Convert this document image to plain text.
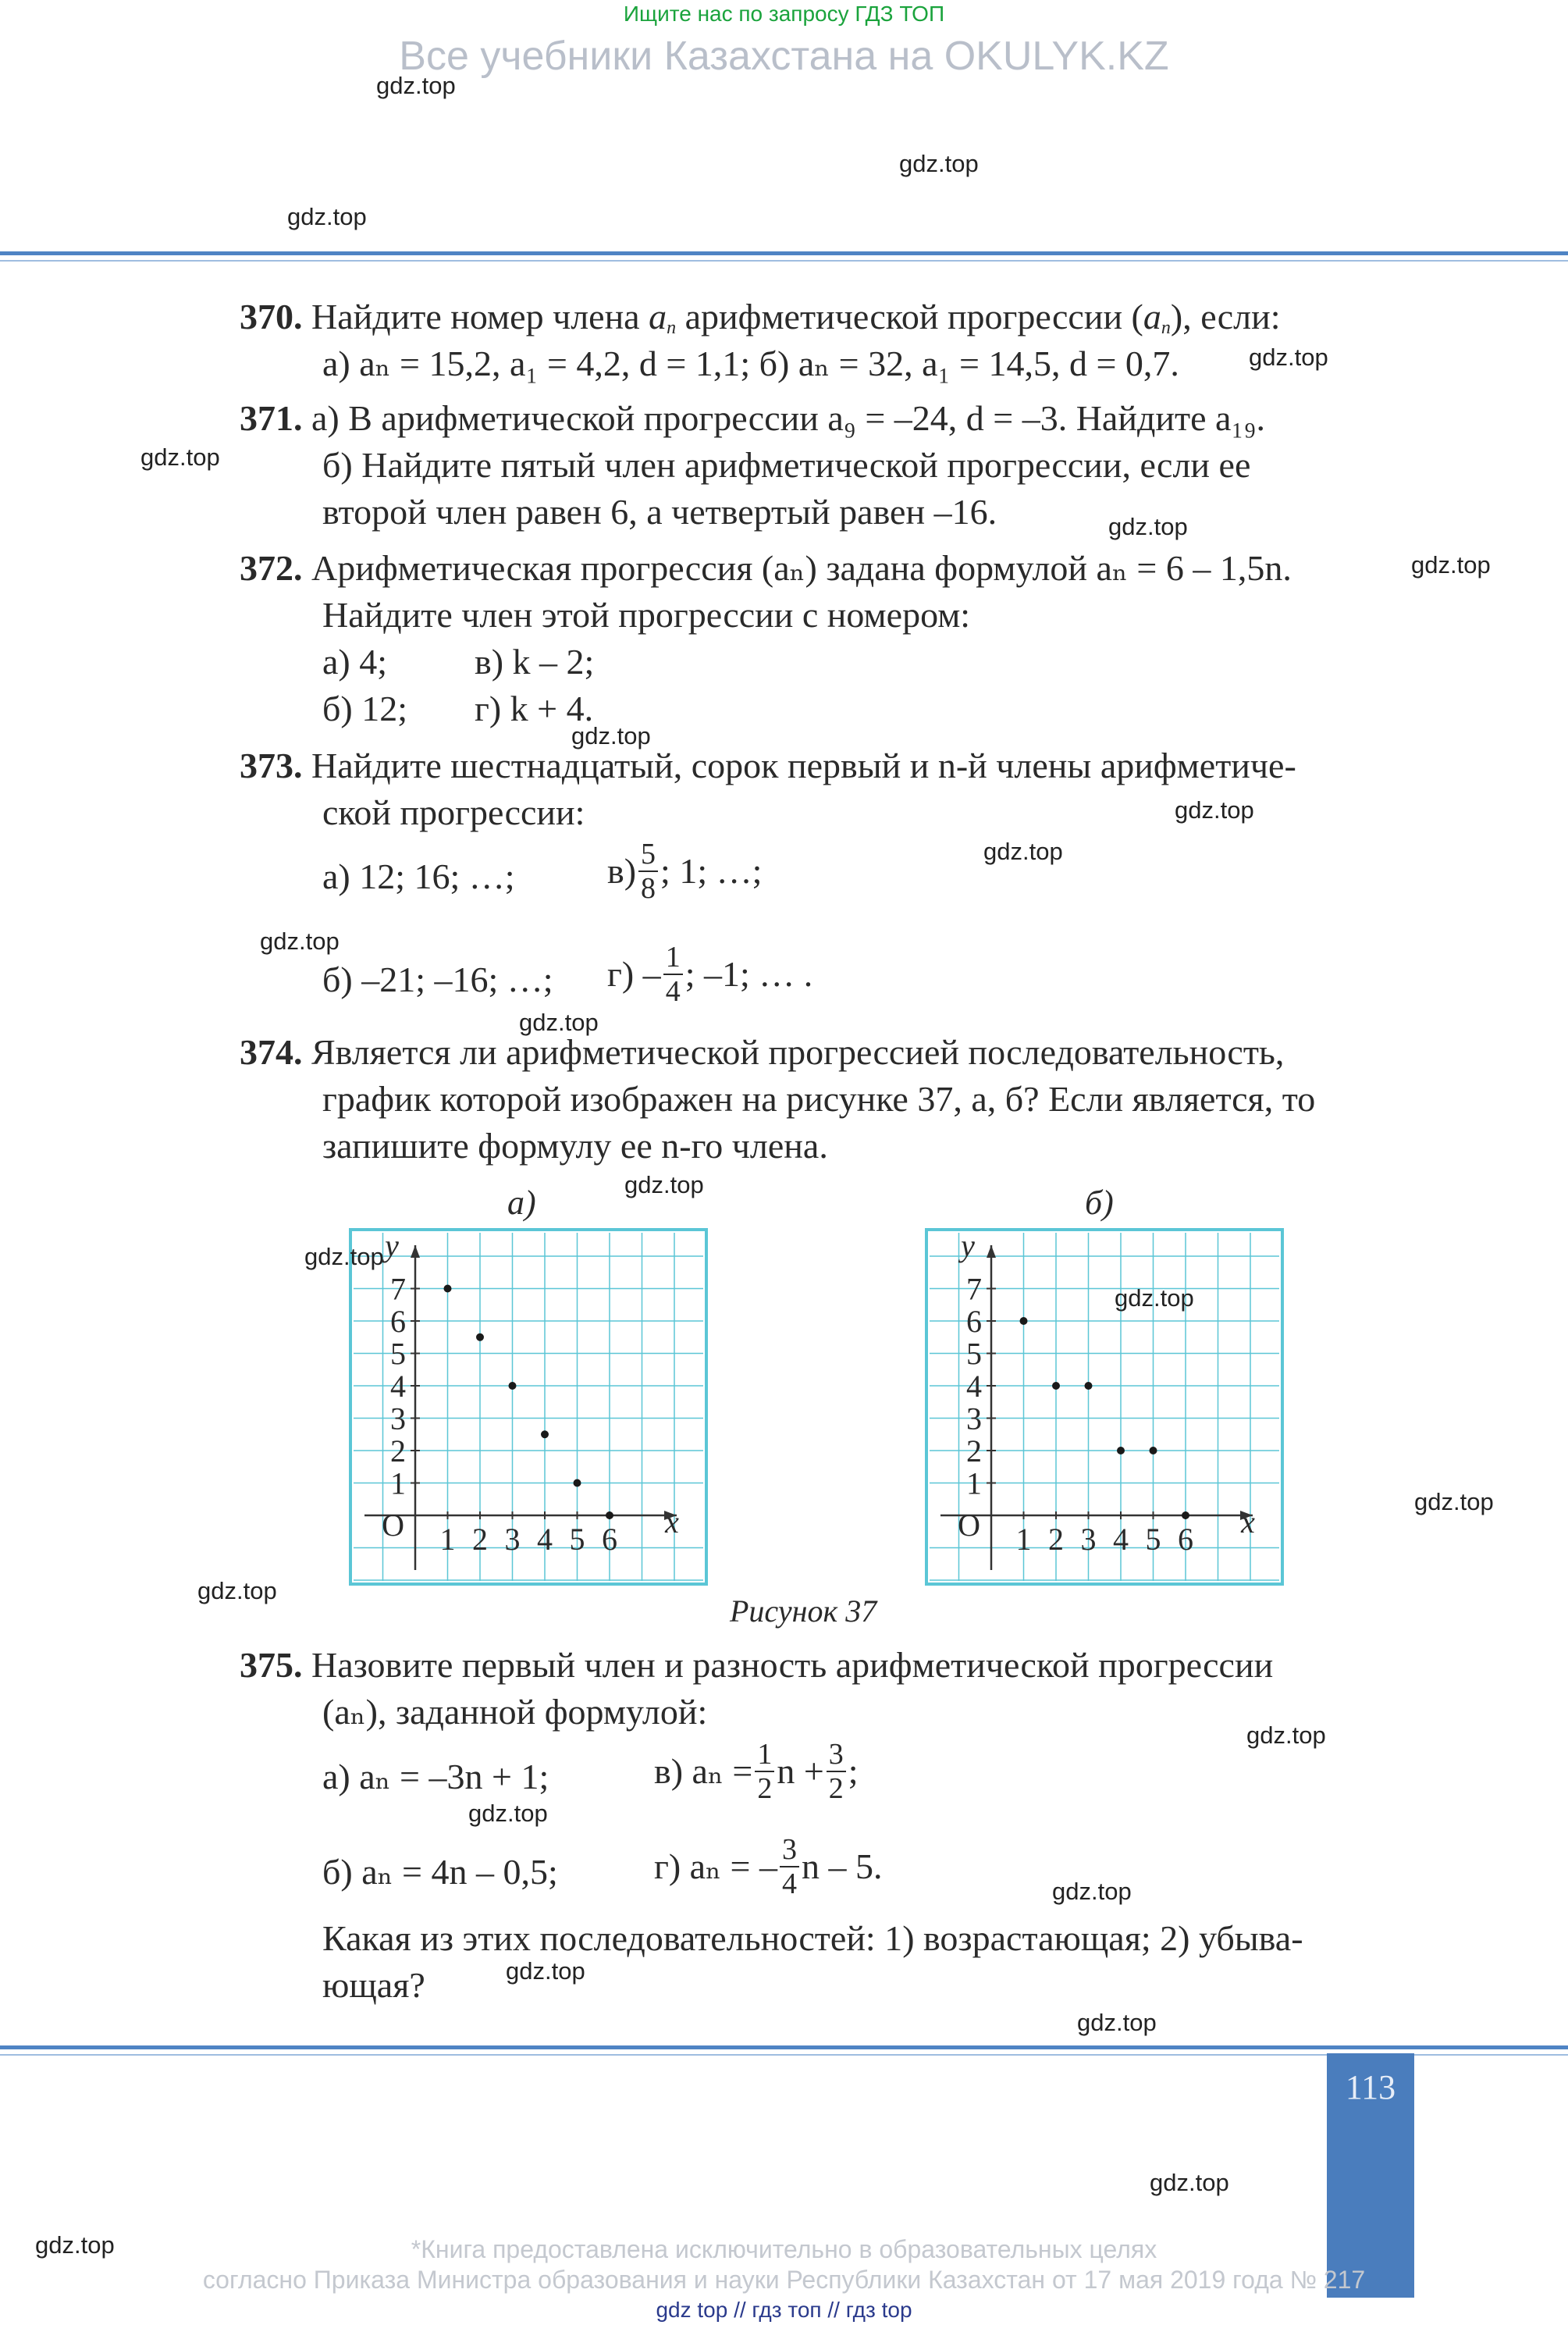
Ищите нас по запросу ГДЗ ТОП
Все учебники Казахстана на OKULYK.KZ
370. Найдите номер члена $a_n$ арифметической прогрессии $(a_n)$, если:
а) aₙ = 15,2, a₁ = 4,2, d = 1,1; б) aₙ = 32, a₁ = 14,5, d = 0,7.
371. а) В арифметической прогрессии a₉ = –24, d = –3. Найдите a₁₉.
б) Найдите пятый член арифметической прогрессии, если ее
второй член равен 6, а четвертый равен –16.
372. Арифметическая прогрессия (aₙ) задана формулой aₙ = 6 – 1,5n.
Найдите член этой прогрессии с номером:
а) 4; в) k – 2;
б) 12; г) k + 4.
373. Найдите шестнадцатый, сорок первый и n-й члены арифметиче-
ской прогрессии:
а) 12; 16; …;	$в) \frac{5}{8}$ ; 1; …;
б) –21; –16; …; $г) - \frac{1}{4}$ ; –1; … .
374. Является ли арифметической прогрессией последовательность,
график которой изображен на рисунке 37, а, б? Если является, то
запишите формулу ее n-го члена.
а)	б)
1 2 3 4 5 6
1
2
3
4
5
6
7
O	x
y
1 2 3 4 5 6
1
2
3
4
5
6
7
O	x
y
Рисунок 37
375. Назовите первый член и разность арифметической прогрессии
(aₙ), заданной формулой:
а) aₙ = –3n + 1;	в) $a_n = \frac{1}{2}$ $n + \frac{3}{2}$ ;
б) aₙ = 4n – 0,5;	г) aₙ = – $\frac{3}{4}$ n – 5.
Какая из этих последовательностей: 1) возрастающая; 2) убыва-
ющая?
113
*Книга предоставлена исключительно в образовательных целях
согласно Приказа Министра образования и науки Республики Казахстан от 17 мая 2019 года № 217
gdz top // гдз топ // гдз top
gdz.top
gdz.top
gdz.top
gdz.top
gdz.top
gdz.top
gdz.top
gdz.top
gdz.top
gdz.top
gdz.top
gdz.top
gdz.top
gdz.top
gdz.top
gdz.top
gdz.top
gdz.top
gdz.top
gdz.top
gdz.top
gdz.top
gdz.top
gdz.top
